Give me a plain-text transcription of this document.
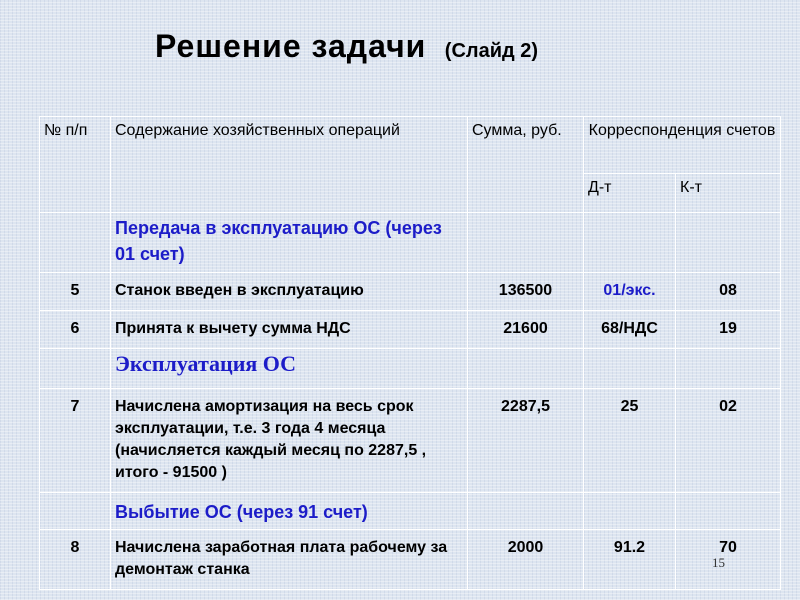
Решение задачи (Слайд 2)
№ п/п	Содержание хозяйственных операций	Сумма, руб.	Корреспонденция счетов	
			Д-т	К-т
	Передача в эксплуатацию ОС (через 01 счет)			
5	Станок введен в эксплуатацию	136500	01/экс.	08
6	Принята к вычету сумма НДС	21600	68/НДС	19
	Эксплуатация ОС			
7	Начислена амортизация на весь срок эксплуатации, т.е. 3 года 4 месяца (начисляется каждый месяц по 2287,5 , итого - 91500 )	2287,5	25	02
	Выбытие ОС (через 91 счет)			
8	Начислена заработная плата рабочему за демонтаж станка	2000	91.2	70
15
